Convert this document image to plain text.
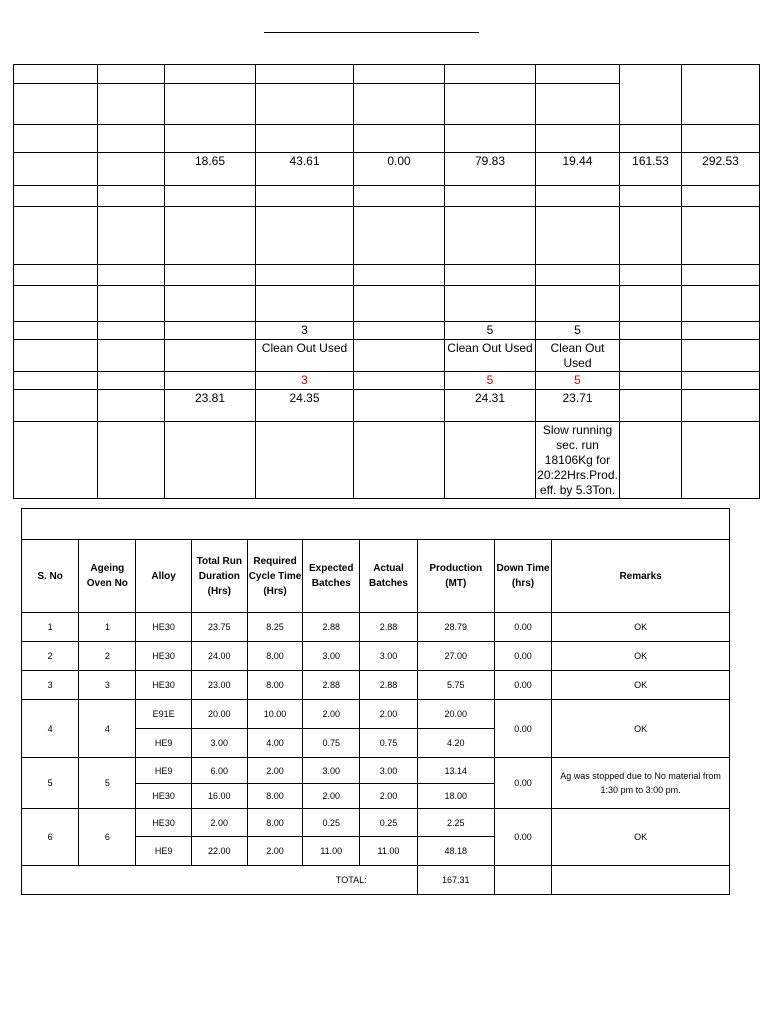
		18.65	43.61	0.00	79.83	19.44	161.53	292.53

			3		5	5		
			Clean Out Used		Clean Out Used	Clean Out Used		
			3		5	5		
		23.81	24.35		24.31	23.71		
						Slow running sec. run 18106Kg for 20:22Hrs.Prod. eff. by 5.3Ton.		

S. No	Ageing Oven No	Alloy	Total Run Duration (Hrs)	Required Cycle Time (Hrs)	Expected Batches	Actual Batches	Production (MT)	Down Time (hrs)	Remarks
1	1	HE30	23.75	8.25	2.88	2.88	28.79	0.00	OK
2	2	HE30	24.00	8.00	3.00	3.00	27.00	0.00	OK
3	3	HE30	23.00	8.00	2.88	2.88	5.75	0.00	OK
4	4	E91E	20.00	10.00	2.00	2.00	20.00	0.00	OK
		HE9	3.00	4.00	0.75	0.75	4.20		
5	5	HE9	6.00	2.00	3.00	3.00	13.14	0.00	Ag was stopped due to No material from 1:30 pm to 3:00 pm.
		HE30	16.00	8.00	2.00	2.00	18.00		
6	6	HE30	2.00	8.00	0.25	0.25	2.25	0.00	OK
		HE9	22.00	2.00	11.00	11.00	48.18		
TOTAL:							167.31		
